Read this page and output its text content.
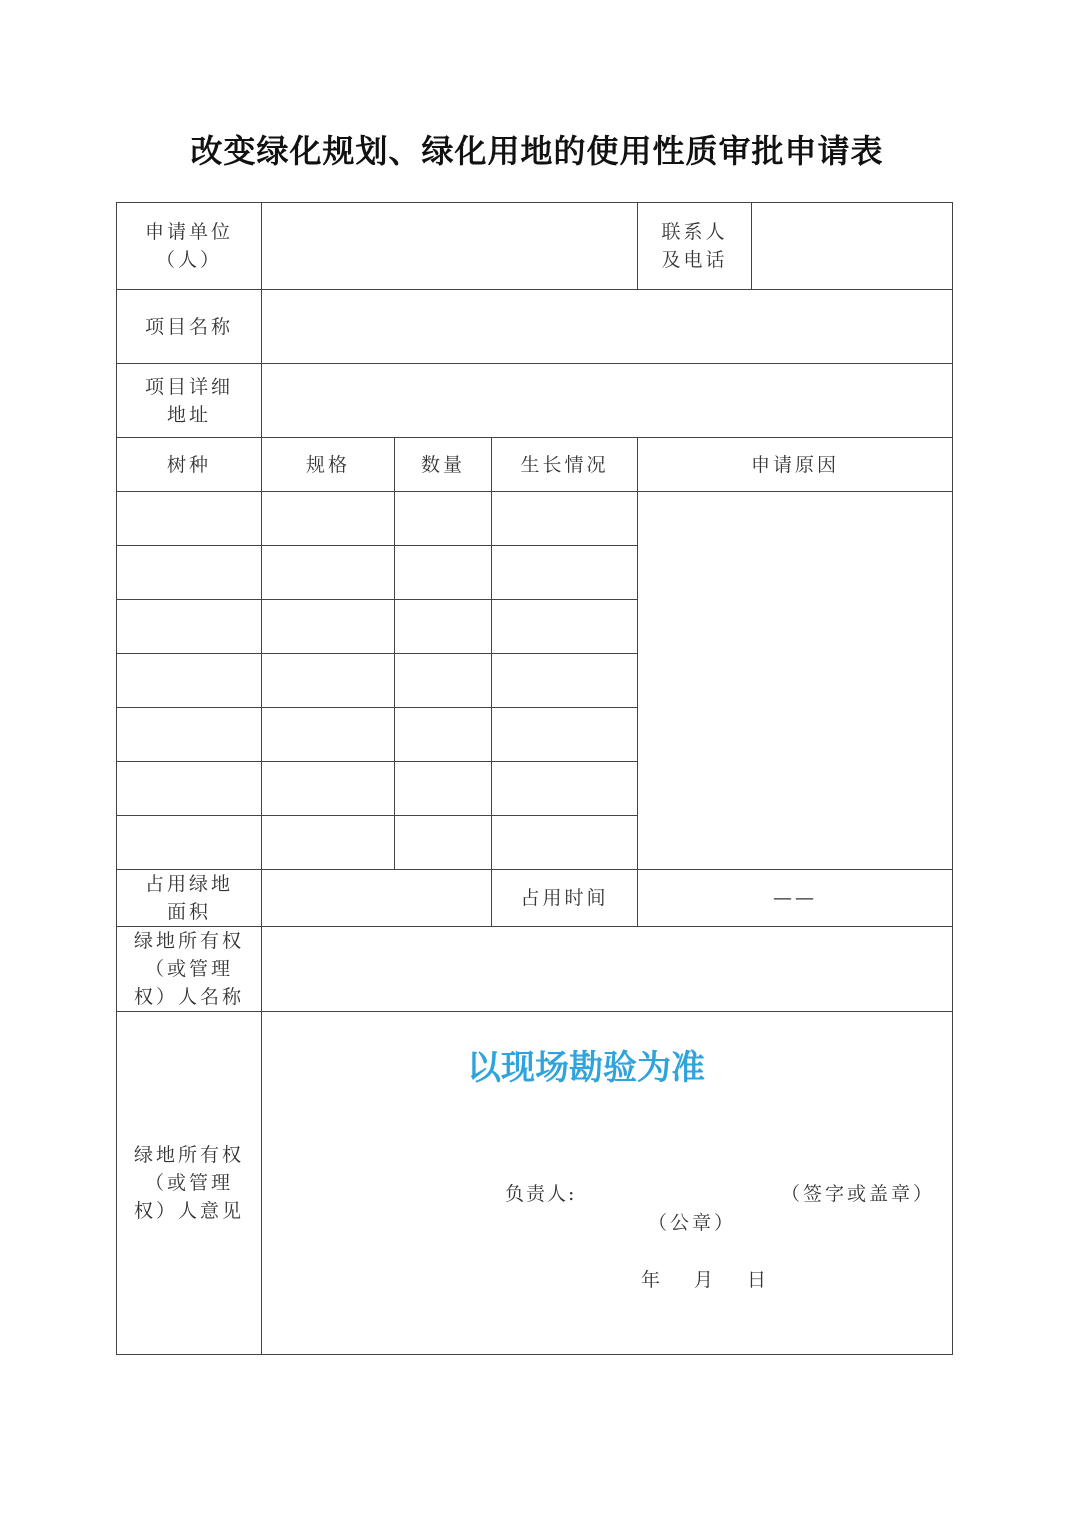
改变绿化规划、绿化用地的使用性质审批申请表
申请单位（人）				联系人及电话	
项目名称					
项目详细地址					
树种	规格	数量	生长情况	申请原因	

占用绿地面积			占用时间	——	
绿地所有权（或管理权）人名称					
绿地所有权（或管理权）人意见	以现场勘验为准
负责人: （签字或盖章）
（公章）
年 月 日				
